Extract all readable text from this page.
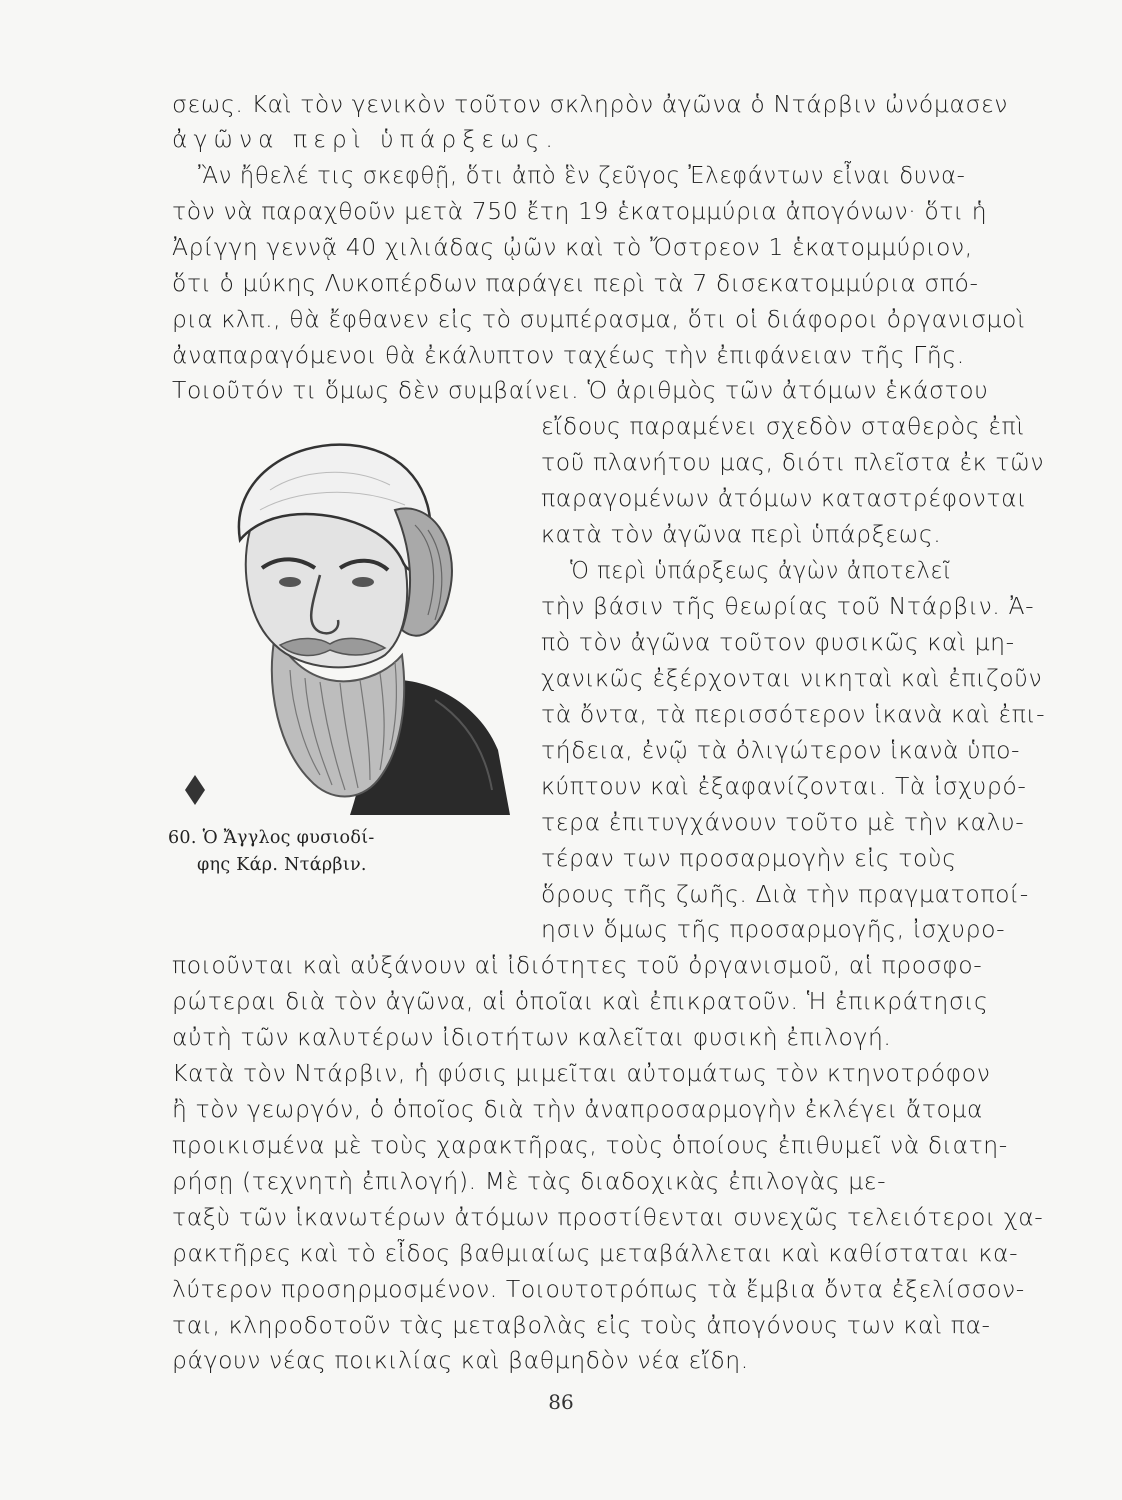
σεως. Καὶ τὸν γενικὸν τοῦτον σκληρὸν ἀγῶνα ὁ Ντάρβιν ὠνόμασεν
ἀγῶνα περὶ ὑπάρξεως.
Ἂν ἤθελέ τις σκεφθῇ, ὅτι ἀπὸ ἓν ζεῦγος Ἐλεφάντων εἶναι δυνα-
τὸν νὰ παραχθοῦν μετὰ 750 ἔτη 19 ἑκατομμύρια ἀπογόνων· ὅτι ἡ
Ἀρίγγη γεννᾷ 40 χιλιάδας ᾠῶν καὶ τὸ Ὄστρεον 1 ἑκατομμύριον,
ὅτι ὁ μύκης Λυκοπέρδων παράγει περὶ τὰ 7 δισεκατομμύρια σπό-
ρια κλπ., θὰ ἔφθανεν εἰς τὸ συμπέρασμα, ὅτι οἱ διάφοροι ὀργανισμοὶ
ἀναπαραγόμενοι θὰ ἐκάλυπτον ταχέως τὴν ἐπιφάνειαν τῆς Γῆς.
Τοιοῦτόν τι ὅμως δὲν συμβαίνει. Ὁ ἀριθμὸς τῶν ἀτόμων ἑκάστου
εἴδους παραμένει σχεδὸν σταθερὸς ἐπὶ
τοῦ πλανήτου μας, διότι πλεῖστα ἐκ τῶν
παραγομένων ἀτόμων καταστρέφονται
κατὰ τὸν ἀγῶνα περὶ ὑπάρξεως.
Ὁ περὶ ὑπάρξεως ἀγὼν ἀποτελεῖ
τὴν βάσιν τῆς θεωρίας τοῦ Ντάρβιν. Ἀ-
πὸ τὸν ἀγῶνα τοῦτον φυσικῶς καὶ μη-
χανικῶς ἐξέρχονται νικηταὶ καὶ ἐπιζοῦν
τὰ ὄντα, τὰ περισσότερον ἱκανὰ καὶ ἐπι-
τήδεια, ἐνῷ τὰ ὀλιγώτερον ἱκανὰ ὑπο-
κύπτουν καὶ ἐξαφανίζονται. Τὰ ἰσχυρό-
τερα ἐπιτυγχάνουν τοῦτο μὲ τὴν καλυ-
τέραν των προσαρμογὴν εἰς τοὺς
ὅρους τῆς ζωῆς. Διὰ τὴν πραγματοποί-
ησιν ὅμως τῆς προσαρμογῆς, ἰσχυρο-
60. Ὁ Ἄγγλος φυσιοδί-
φης Κάρ. Ντάρβιν.
ποιοῦνται καὶ αὐξάνουν αἱ ἰδιότητες τοῦ ὀργανισμοῦ, αἱ προσφο-
ρώτεραι διὰ τὸν ἀγῶνα, αἱ ὁποῖαι καὶ ἐπικρατοῦν. Ἡ ἐπικράτησις
αὐτὴ τῶν καλυτέρων ἰδιοτήτων καλεῖται φυσικὴ ἐπιλογή.
Κατὰ τὸν Ντάρβιν, ἡ φύσις μιμεῖται αὐτομάτως τὸν κτηνοτρόφον
ἢ τὸν γεωργόν, ὁ ὁποῖος διὰ τὴν ἀναπροσαρμογὴν ἐκλέγει ἄτομα
προικισμένα μὲ τοὺς χαρακτῆρας, τοὺς ὁποίους ἐπιθυμεῖ νὰ διατη-
ρήσῃ (τεχνητὴ ἐπιλογή). Μὲ τὰς διαδοχικὰς ἐπιλογὰς με-
ταξὺ τῶν ἱκανωτέρων ἀτόμων προστίθενται συνεχῶς τελειότεροι χα-
ρακτῆρες καὶ τὸ εἶδος βαθμιαίως μεταβάλλεται καὶ καθίσταται κα-
λύτερον προσηρμοσμένον. Τοιουτοτρόπως τὰ ἔμβια ὄντα ἐξελίσσον-
ται, κληροδοτοῦν τὰς μεταβολὰς εἰς τοὺς ἀπογόνους των καὶ πα-
ράγουν νέας ποικιλίας καὶ βαθμηδὸν νέα εἴδη.
86
